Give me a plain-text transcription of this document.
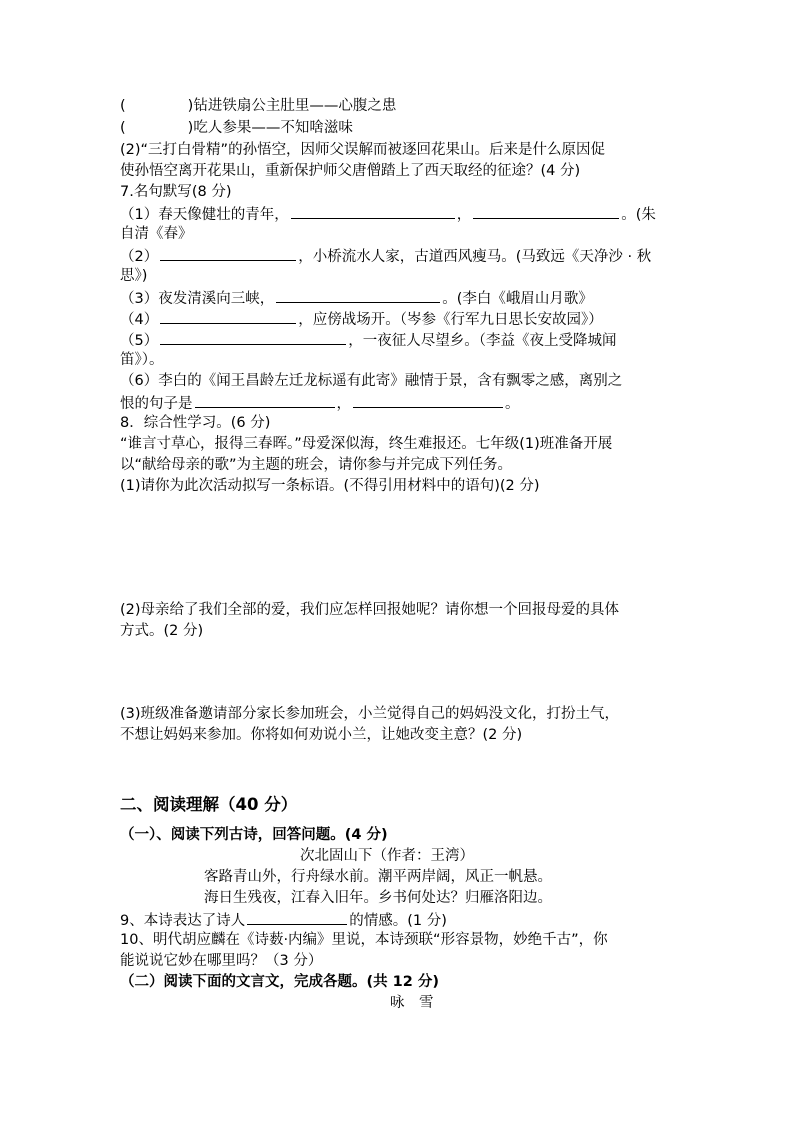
(	)钻进铁扇公主肚里——心腹之患
(	)吃人参果——不知啥滋味
(2)“三打白骨精”的孙悟空，因师父误解而被逐回花果山。后来是什么原因促
使孙悟空离开花果山，重新保护师父唐僧踏上了西天取经的征途？(4 分)
7.名句默写(8 分)
（1）春天像健壮的青年，	，	。(朱
自清《春》
（2）	，小桥流水人家，古道西风瘦马。(马致远《天净沙 · 秋
思》)
（3）夜发清溪向三峡，	。(李白《峨眉山月歌》
（4）	，应傍战场开。（岑参《行军九日思长安故园》）
（5）	，一夜征人尽望乡。（李益《夜上受降城闻
笛》）。
（6）李白的《闻王昌龄左迁龙标遥有此寄》融情于景，含有飘零之感，离别之
恨的句子是	，	。
8．综合性学习。(6 分)
“谁言寸草心，报得三春晖。”母爱深似海，终生难报还。七年级(1)班准备开展
以“献给母亲的歌”为主题的班会，请你参与并完成下列任务。
(1)请你为此次活动拟写一条标语。(不得引用材料中的语句)(2 分)
(2)母亲给了我们全部的爱，我们应怎样回报她呢？请你想一个回报母爱的具体
方式。(2 分)
(3)班级准备邀请部分家长参加班会，小兰觉得自己的妈妈没文化，打扮土气，
不想让妈妈来参加。你将如何劝说小兰，让她改变主意？(2 分)
二、阅读理解（40 分）
（一）、阅读下列古诗，回答问题。(4 分)
次北固山下（作者：王湾）
客路青山外，行舟绿水前。潮平两岸阔，风正一帆悬。
海日生残夜，江春入旧年。乡书何处达？归雁洛阳边。
9、本诗表达了诗人	的情感。(1 分)
10、明代胡应麟在《诗薮·内编》里说，本诗颈联“形容景物，妙绝千古”，你
能说说它妙在哪里吗？（3 分）
（二）阅读下面的文言文，完成各题。(共 12 分)
咏　雪
